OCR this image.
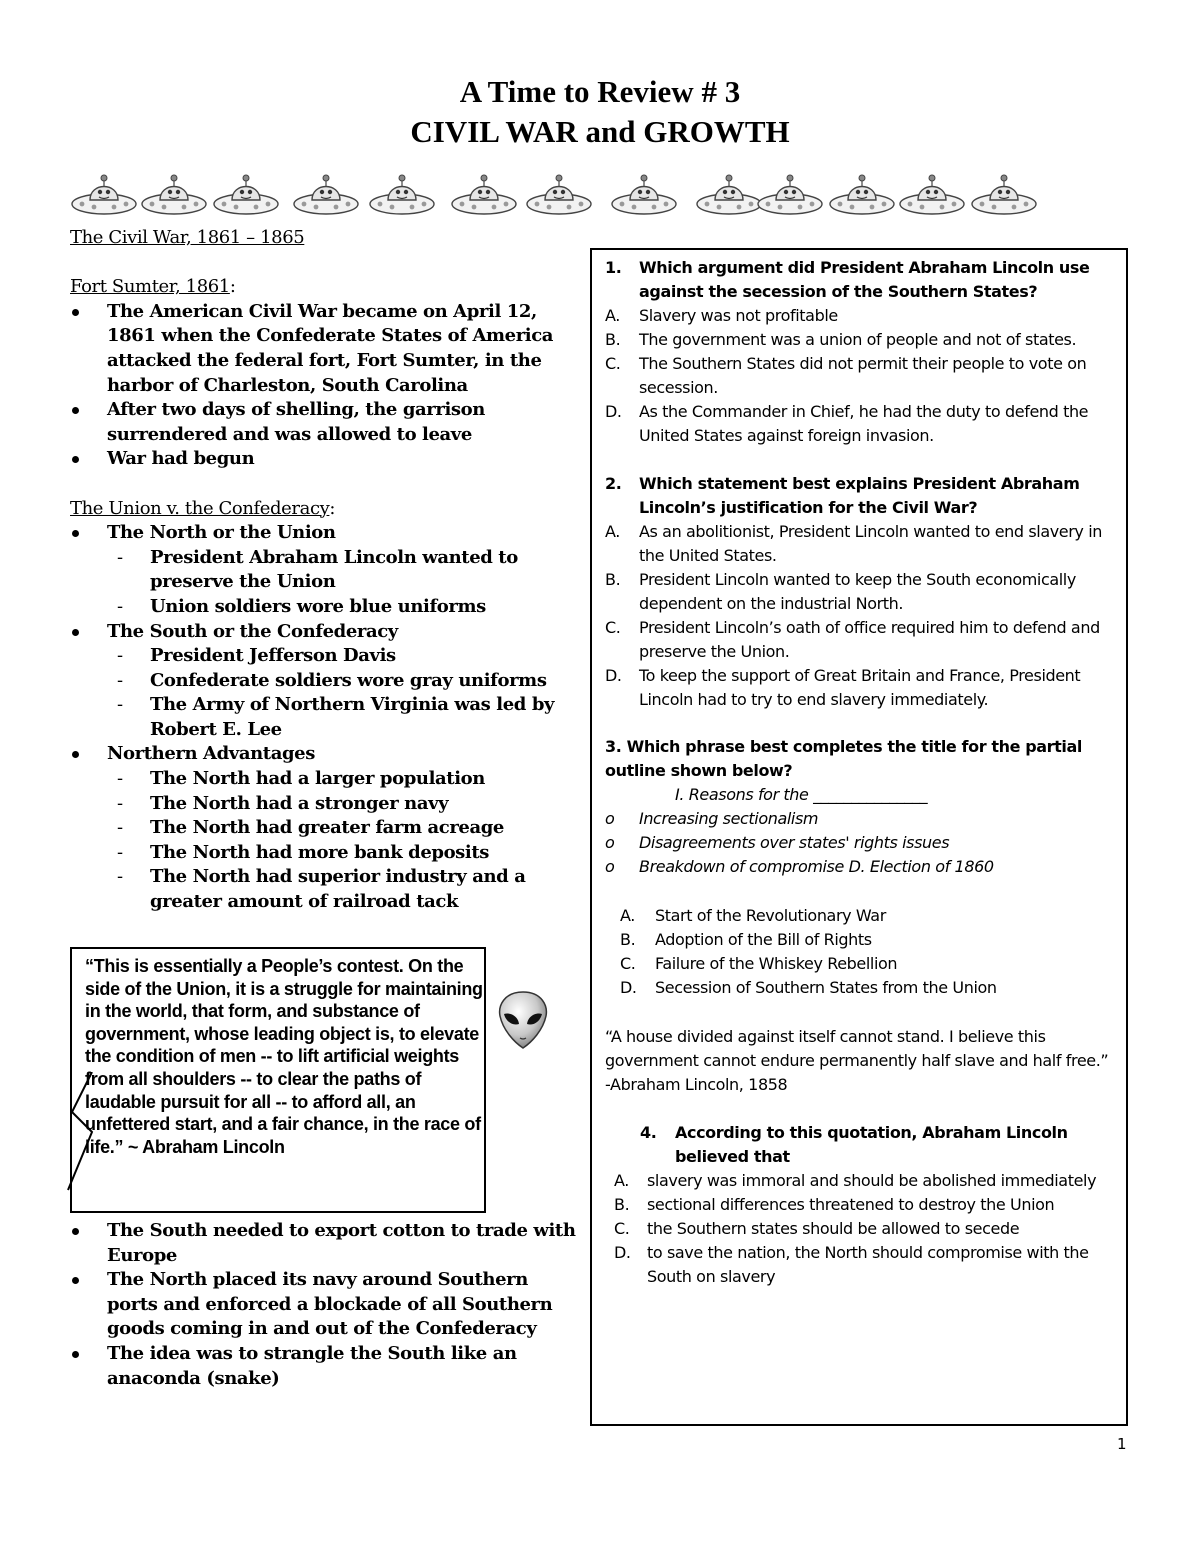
A Time to Review # 3
CIVIL WAR and GROWTH
The Civil War, 1861 – 1865
Fort Sumter, 1861:
The American Civil War became on April 12, 1861 when the Confederate States of America attacked the federal fort, Fort Sumter, in the harbor of Charleston, South Carolina
After two days of shelling, the garrison surrendered and was allowed to leave
War had begun
The Union v. the Confederacy:
The North or the Union
- President Abraham Lincoln wanted to preserve the Union
- Union soldiers wore blue uniforms
The South or the Confederacy
- President Jefferson Davis
- Confederate soldiers wore gray uniforms
- The Army of Northern Virginia was led by Robert E. Lee
Northern Advantages
- The North had a larger population
- The North had a stronger navy
- The North had greater farm acreage
- The North had more bank deposits
- The North had superior industry and a greater amount of railroad tack
“This is essentially a People’s contest. On the side of the Union, it is a struggle for maintaining in the world, that form, and substance of government, whose leading object is, to elevate the condition of men -- to lift artificial weights from all shoulders -- to clear the paths of laudable pursuit for all -- to afford all, an unfettered start, and a fair chance, in the race of life.” ~ Abraham Lincoln
The South needed to export cotton to trade with Europe
The North placed its navy around Southern ports and enforced a blockade of all Southern goods coming in and out of the Confederacy
The idea was to strangle the South like an anaconda (snake)
1. Which argument did President Abraham Lincoln use against the secession of the Southern States?
A. Slavery was not profitable
B. The government was a union of people and not of states.
C. The Southern States did not permit their people to vote on secession.
D. As the Commander in Chief, he had the duty to defend the United States against foreign invasion.
2. Which statement best explains President Abraham Lincoln’s justification for the Civil War?
A. As an abolitionist, President Lincoln wanted to end slavery in the United States.
B. President Lincoln wanted to keep the South economically dependent on the industrial North.
C. President Lincoln’s oath of office required him to defend and preserve the Union.
D. To keep the support of Great Britain and France, President Lincoln had to try to end slavery immediately.
3. Which phrase best completes the title for the partial outline shown below?
I. Reasons for the _______________
o Increasing sectionalism
o Disagreements over states' rights issues
o Breakdown of compromise D. Election of 1860
A. Start of the Revolutionary War
B. Adoption of the Bill of Rights
C. Failure of the Whiskey Rebellion
D. Secession of Southern States from the Union
“A house divided against itself cannot stand. I believe this government cannot endure permanently half slave and half free.” -Abraham Lincoln, 1858
4. According to this quotation, Abraham Lincoln believed that
A. slavery was immoral and should be abolished immediately
B. sectional differences threatened to destroy the Union
C. the Southern states should be allowed to secede
D. to save the nation, the North should compromise with the South on slavery
1
